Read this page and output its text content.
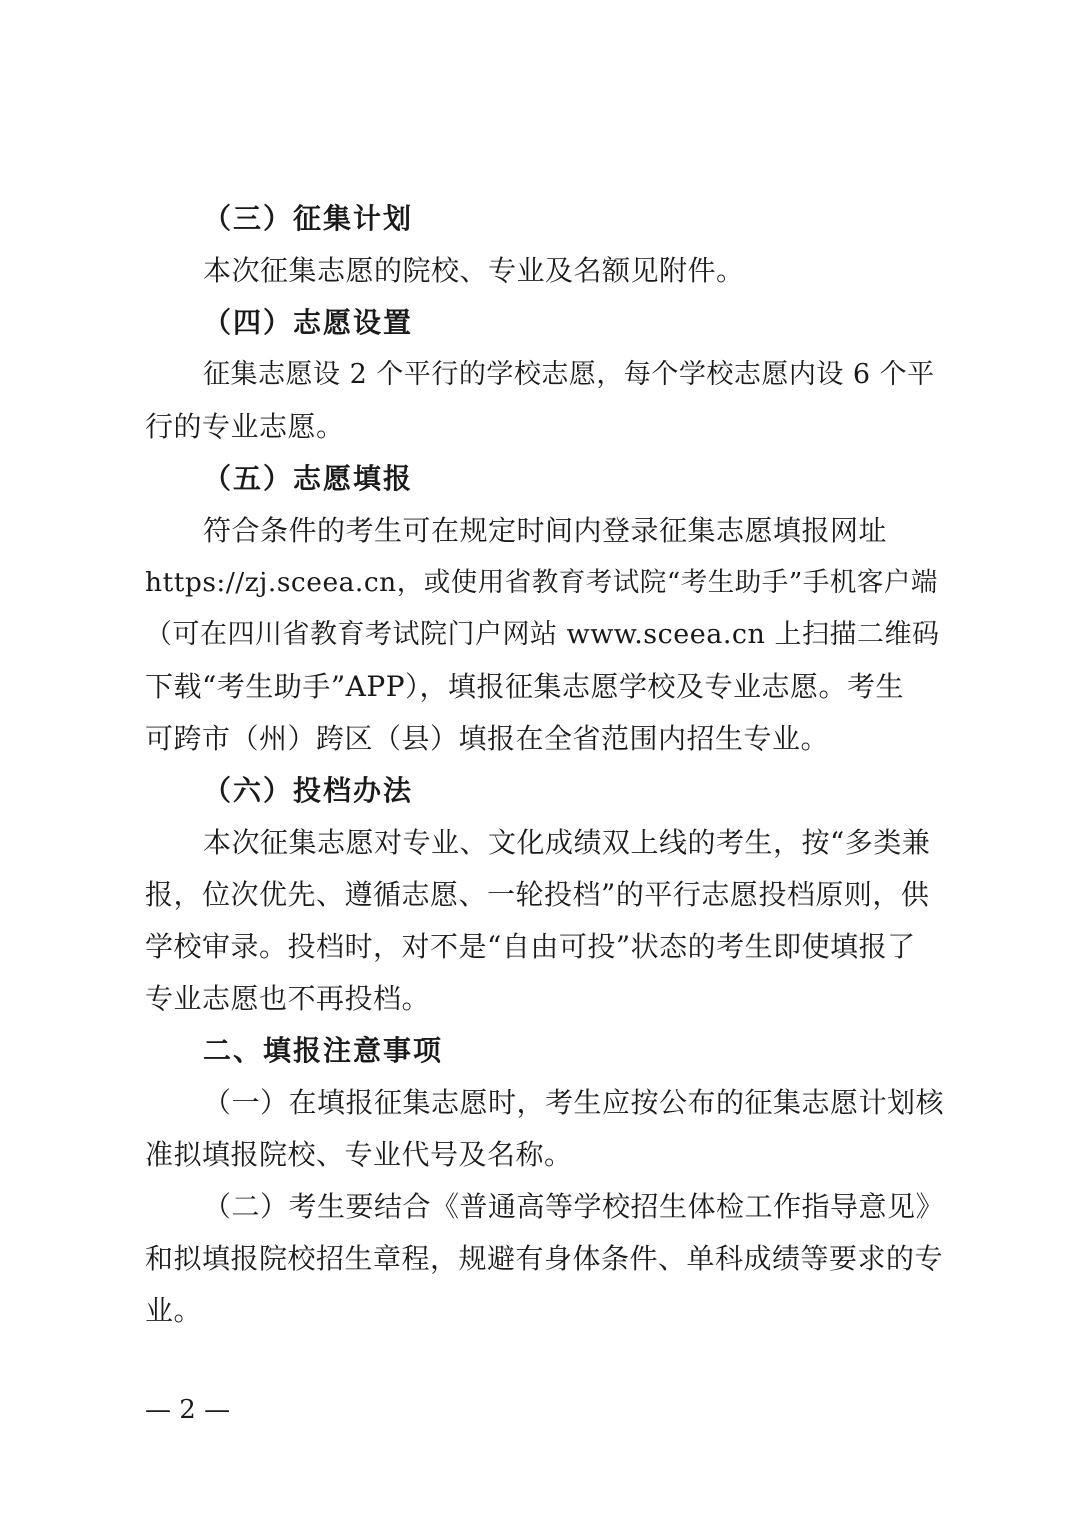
（三）征集计划
本次征集志愿的院校、专业及名额见附件。
（四）志愿设置
征集志愿设 2 个平行的学校志愿，每个学校志愿内设 6 个平
行的专业志愿。
（五）志愿填报
符合条件的考生可在规定时间内登录征集志愿填报网址
https://zj.sceea.cn，或使用省教育考试院“考生助手”手机客户端
（可在四川省教育考试院门户网站 www.sceea.cn 上扫描二维码
下载“考生助手”APP），填报征集志愿学校及专业志愿。考生
可跨市（州）跨区（县）填报在全省范围内招生专业。
（六）投档办法
本次征集志愿对专业、文化成绩双上线的考生，按“多类兼
报，位次优先、遵循志愿、一轮投档”的平行志愿投档原则，供
学校审录。投档时，对不是“自由可投”状态的考生即使填报了
专业志愿也不再投档。
二、填报注意事项
（一）在填报征集志愿时，考生应按公布的征集志愿计划核
准拟填报院校、专业代号及名称。
（二）考生要结合《普通高等学校招生体检工作指导意见》
和拟填报院校招生章程，规避有身体条件、单科成绩等要求的专
业。
— 2 —
